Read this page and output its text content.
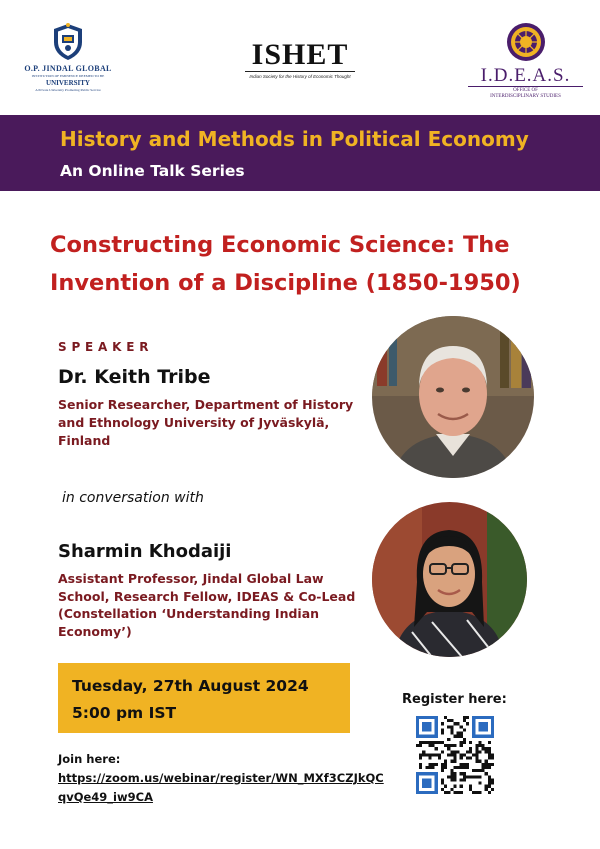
O.P. JINDAL GLOBAL
INSTITUTION OF EMINENCE DEEMED TO BE
UNIVERSITY
A Private University Promoting Public Service
ISHET
Indian Society for the History of Economic Thought	I.D.E.A.S.
OFFICE OF
INTERDISCIPLINARY STUDIES
History and Methods in Political Economy
An Online Talk Series
Constructing Economic Science: The Invention of a Discipline (1850-1950)
SPEAKER
Dr. Keith Tribe
Senior Researcher, Department of History and Ethnology University of Jyväskylä, Finland
in conversation with
Sharmin Khodaiji
Assistant Professor, Jindal Global Law School, Research Fellow, IDEAS & Co-Lead (Constellation ‘Understanding Indian Economy’)
Tuesday, 27th August 2024
5:00 pm IST
Join here:
https://zoom.us/webinar/register/WN_MXf3CZJkQCqvQe49_iw9CA
Register here:
